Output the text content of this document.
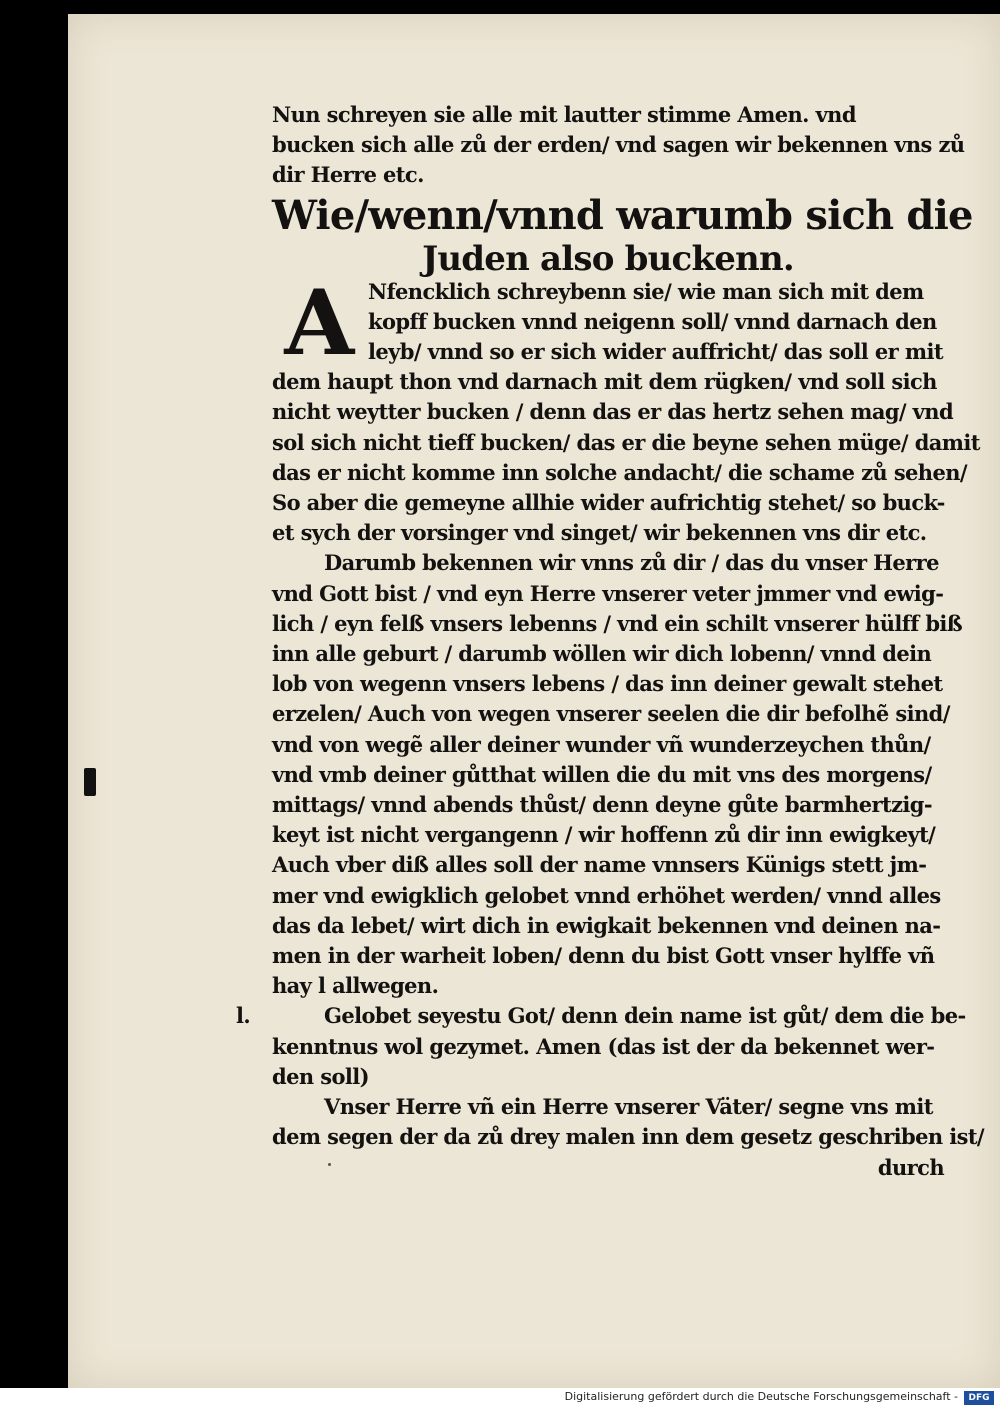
Nun schreyen sie alle mit lautter stimme Amen. vnd
bucken sich alle zů der erden/ vnd sagen wir bekennen vns zů
dir Herre etc.
Wie/wenn/vnnd warumb sich die
Juden also buckenn.
A Nfencklich schreybenn sie/ wie man sich mit dem
kopff bucken vnnd neigenn soll/ vnnd darnach den
leyb/ vnnd so er sich wider auffricht/ das soll er mit
dem haupt thon vnd darnach mit dem rügken/ vnd soll sich
nicht weytter bucken / denn das er das hertz sehen mag/ vnd
sol sich nicht tieff bucken/ das er die beyne sehen müge/ damit
das er nicht komme inn solche andacht/ die schame zů sehen/
So aber die gemeyne allhie wider aufrichtig stehet/ so buck-
et sych der vorsinger vnd singet/ wir bekennen vns dir etc.
Darumb bekennen wir vnns zů dir / das du vnser Herre
vnd Gott bist / vnd eyn Herre vnserer veter jmmer vnd ewig-
lich / eyn felß vnsers lebenns / vnd ein schilt vnserer hülff biß
inn alle geburt / darumb wöllen wir dich lobenn/ vnnd dein
lob von wegenn vnsers lebens / das inn deiner gewalt stehet
erzelen/ Auch von wegen vnserer seelen die dir befolhẽ sind/
vnd von wegẽ aller deiner wunder vñ wunderzeychen thůn/
vnd vmb deiner gůtthat willen die du mit vns des morgens/
mittags/ vnnd abends thůst/ denn deyne gůte barmhertzig-
keyt ist nicht vergangenn / wir hoffenn zů dir inn ewigkeyt/
Auch vber diß alles soll der name vnnsers Künigs stett jm-
mer vnd ewigklich gelobet vnnd erhöhet werden/ vnnd alles
das da lebet/ wirt dich in ewigkait bekennen vnd deinen na-
men in der warheit loben/ denn du bist Gott vnser hylffe vñ
hay l allwegen.
l.	Gelobet seyestu Got/ denn dein name ist gůt/ dem die be-
kenntnus wol gezymet. Amen (das ist der da bekennet wer-
den soll)
Vnser Herre vñ ein Herre vnserer Väter/ segne vns mit
dem segen der da zů drey malen inn dem gesetz geschriben ist/
durch
Digitalisierung gefördert durch die Deutsche Forschungsgemeinschaft -	DFG
